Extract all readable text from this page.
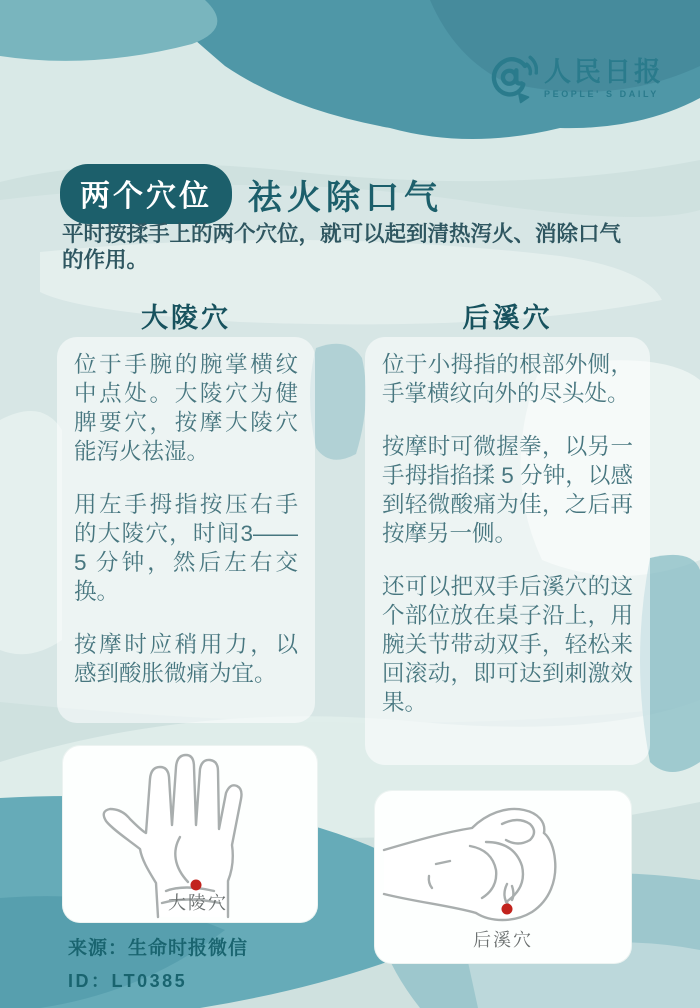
人民日报
PEOPLE' S DAILY
两个穴位	祛火除口气
平时按揉手上的两个穴位，就可以起到清热泻火、消除口气的作用。
大陵穴	后溪穴

位于手腕的腕掌横纹中点处。大陵穴为健脾要穴，按摩大陵穴能泻火祛湿。

用左手拇指按压右手的大陵穴，时间3——5 分钟，然后左右交换。

按摩时应稍用力，以感到酸胀微痛为宜。

位于小拇指的根部外侧，手掌横纹向外的尽头处。

按摩时可微握拳，以另一手拇指掐揉 5 分钟，以感到轻微酸痛为佳，之后再按摩另一侧。

还可以把双手后溪穴的这个部位放在桌子沿上，用腕关节带动双手，轻松来回滚动，即可达到刺激效果。

大陵穴
后溪穴
来源：生命时报微信
ID：LT0385
